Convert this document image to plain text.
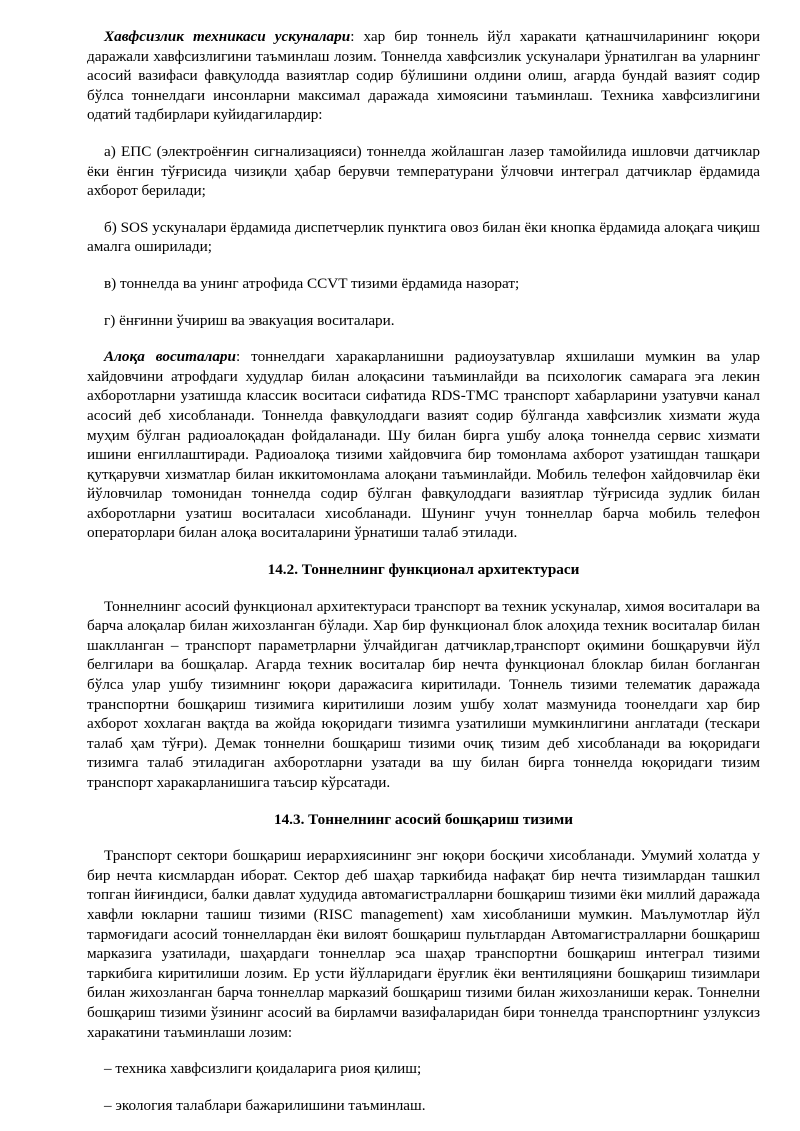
Хавфсизлик техникаси ускуналари: хар бир тоннель йўл харакати қатнашчиларининг юқори даражали хавфсизлигини таъминлаш лозим. Тоннелда хавфсизлик ускуналари ўрнатилган ва уларнинг асосий вазифаси фавқулодда вазиятлар содир бўлишини олдини олиш, агарда бундай вазият содир бўлса тоннелдаги инсонларни максимал даражада химоясини таъминлаш. Техника хавфсизлигини одатий тадбирлари куйидагилардир:

а) ЕПС (электроёнғин сигнализацияси) тоннелда жойлашган лазер тамойилида ишловчи датчиклар ёки ёнгин тўғрисида чизиқли ҳабар берувчи температурани ўлчовчи интеграл датчиклар ёрдамида ахборот берилади;

б) SOS ускуналари ёрдамида диспетчерлик пунктига овоз билан ёки кнопка ёрдамида алоқага чиқиш амалга оширилади;

в) тоннелда ва унинг атрофида CCVT тизими ёрдамида назорат;

г) ёнғинни ўчириш ва эвакуация воситалари.

Алоқа воситалари: тоннелдаги харакарланишни радиоузатувлар яхшилаши мумкин ва улар хайдовчини атрофдаги худудлар билан алоқасини таъминлайди ва психологик самарага эга лекин ахборотларни узатишда классик воситаси сифатида RDS-TMC транспорт хабарларини узатувчи канал асосий деб хисобланади. Тоннелда фавқулоддаги вазият содир бўлганда хавфсизлик хизмати жуда муҳим бўлган радиоалоқадан фойдаланади. Шу билан бирга ушбу алоқа тоннелда сервис хизмати ишини енгиллаштиради. Радиоалоқа тизими хайдовчига бир томонлама ахборот узатишдан ташқари қутқарувчи хизматлар билан иккитомонлама алоқани таъминлайди. Мобиль телефон хайдовчилар ёки йўловчилар томонидан тоннелда содир бўлган фавқулоддаги вазиятлар тўғрисида зудлик билан ахборотларни узатиш воситаласи хисобланади. Шунинг учун тоннеллар барча мобиль телефон операторлари билан алоқа воситаларини ўрнатиши талаб этилади.

14.2. Тоннелнинг функционал архитектураси

Тоннелнинг асосий функционал архитектураси транспорт ва техник ускуналар, химоя воситалари ва барча алоқалар билан жихозланган бўлади. Хар бир функционал блок алоҳида техник воситалар билан шаклланган – транспорт параметрларни ўлчайдиган датчиклар,транспорт оқимини бошқарувчи йўл белгилари ва бошқалар. Агарда техник воситалар бир нечта функционал блоклар билан богланган бўлса улар ушбу тизимнинг юқори даражасига киритилади. Тоннель тизими телематик даражада транспортни бошқариш тизимига киритилиши лозим ушбу холат мазмунида тоонелдаги хар бир ахборот хохлаган вақтда ва жойда юқоридаги тизимга узатилиши мумкинлигини англатади (тескари талаб ҳам тўғри). Демак тоннелни бошқариш тизими очиқ тизим деб хисобланади ва юқоридаги тизимга талаб этиладиган ахборотларни узатади ва шу билан бирга тоннелда юқоридаги тизим транспорт харакарланишига таъсир кўрсатади.

14.3. Тоннелнинг асосий бошқариш тизими

Транспорт сектори бошқариш иерархиясининг энг юқори босқичи хисобланади. Умумий холатда у бир нечта кисмлардан иборат. Сектор деб шаҳар таркибида нафақат бир нечта тизимлардан ташкил топган йиғиндиси, балки давлат худудида автомагистралларни бошқариш тизими ёки миллий даражада хавфли юкларни ташиш тизими (RISC management) хам хисобланиши мумкин. Маълумотлар йўл тармоғидаги асосий тоннеллардан ёки вилоят бошқариш пультлардан Автомагистралларни бошқариш марказига узатилади, шаҳардаги тоннеллар эса шаҳар транспортни бошқариш интеграл тизими таркибига киритилиши лозим. Ер усти йўлларидаги ёруғлик ёки вентиляцияни бошқариш тизимлари билан жихозланган барча тоннеллар марказий бошқариш тизими билан жихозланиши керак. Тоннелни бошқариш тизими ўзининг асосий ва бирламчи вазифаларидан бири тоннелда транспортнинг узлуксиз харакатини таъминлаши лозим:

– техника хавфсизлиги қоидаларига риоя қилиш;

– экология талаблари бажарилишини таъминлаш.
